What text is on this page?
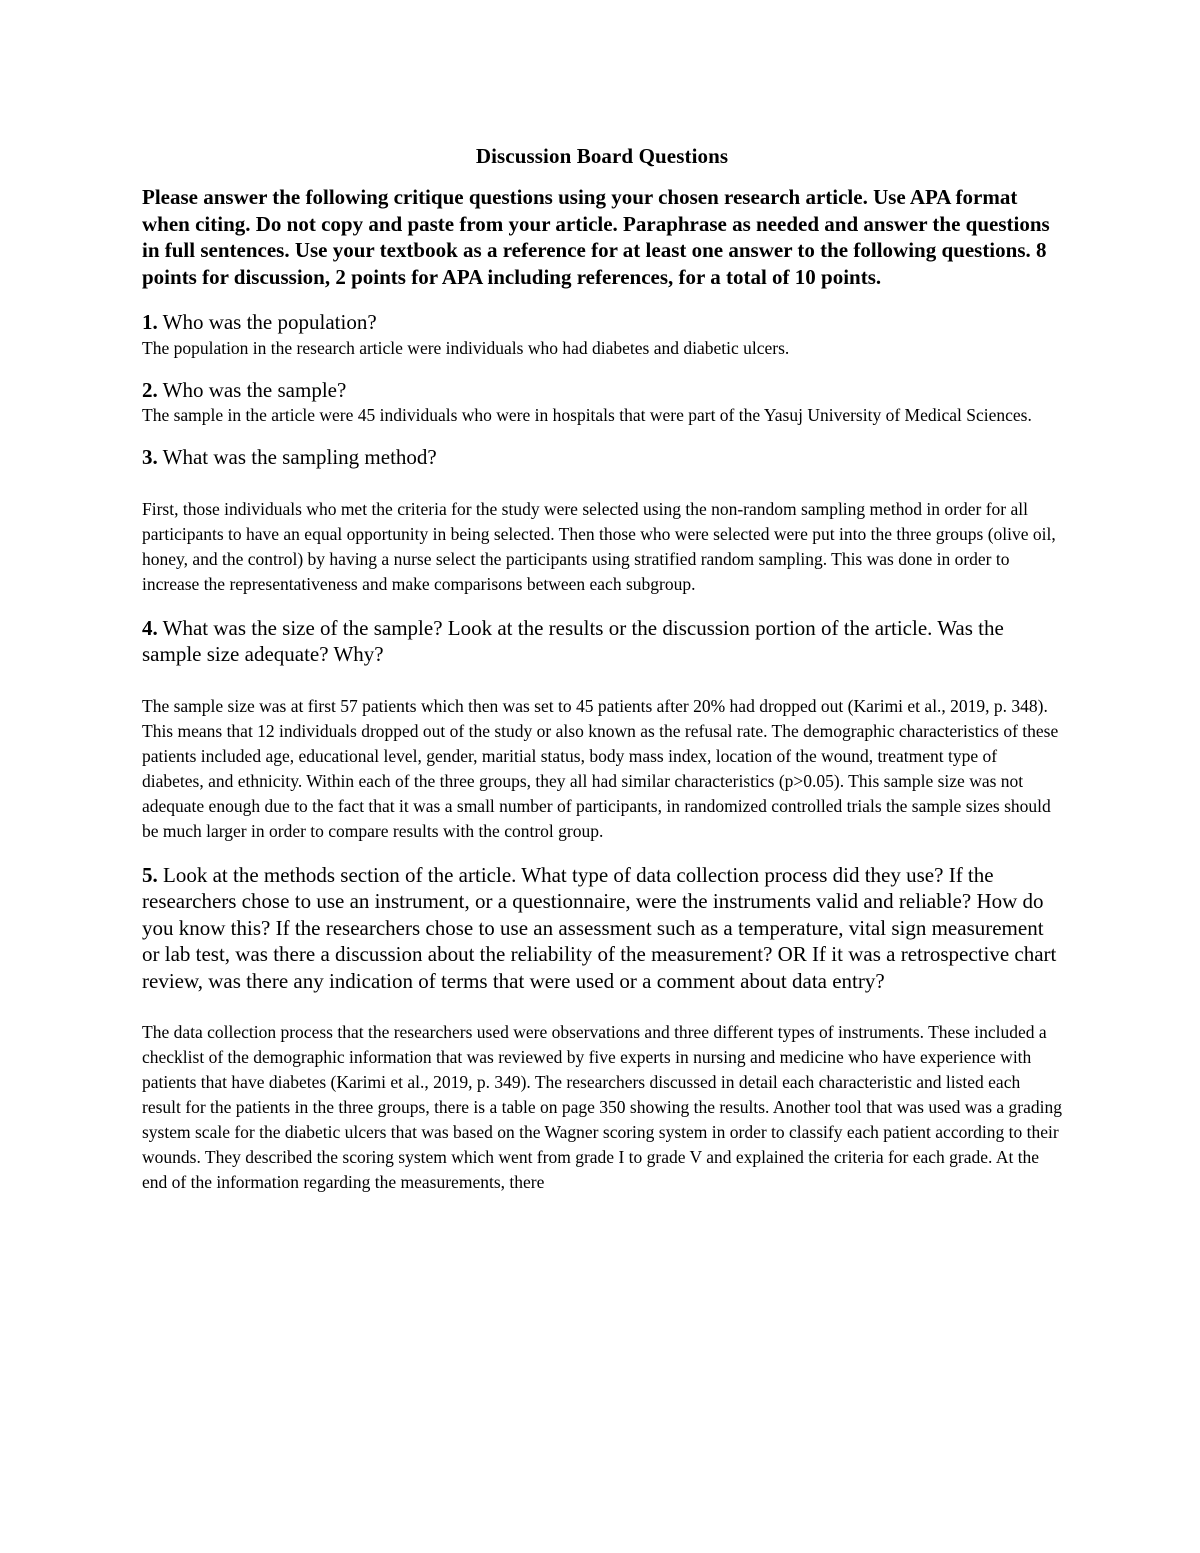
Discussion Board Questions

Please answer the following critique questions using your chosen research article. Use APA format when citing. Do not copy and paste from your article. Paraphrase as needed and answer the questions in full sentences. Use your textbook as a reference for at least one answer to the following questions. 8 points for discussion, 2 points for APA including references, for a total of 10 points.

1. Who was the population?

The population in the research article were individuals who had diabetes and diabetic ulcers.

2. Who was the sample?

The sample in the article were 45 individuals who were in hospitals that were part of the Yasuj University of Medical Sciences.

3. What was the sampling method?

First, those individuals who met the criteria for the study were selected using the non-random sampling method in order for all participants to have an equal opportunity in being selected. Then those who were selected were put into the three groups (olive oil, honey, and the control) by having a nurse select the participants using stratified random sampling. This was done in order to increase the representativeness and make comparisons between each subgroup.

4. What was the size of the sample? Look at the results or the discussion portion of the article. Was the sample size adequate? Why?

The sample size was at first 57 patients which then was set to 45 patients after 20% had dropped out (Karimi et al., 2019, p. 348). This means that 12 individuals dropped out of the study or also known as the refusal rate. The demographic characteristics of these patients included age, educational level, gender, maritial status, body mass index, location of the wound, treatment type of diabetes, and ethnicity. Within each of the three groups, they all had similar characteristics (p>0.05). This sample size was not adequate enough due to the fact that it was a small number of participants, in randomized controlled trials the sample sizes should be much larger in order to compare results with the control group.

5. Look at the methods section of the article. What type of data collection process did they use? If the researchers chose to use an instrument, or a questionnaire, were the instruments valid and reliable? How do you know this? If the researchers chose to use an assessment such as a temperature, vital sign measurement or lab test, was there a discussion about the reliability of the measurement? OR If it was a retrospective chart review, was there any indication of terms that were used or a comment about data entry?

The data collection process that the researchers used were observations and three different types of instruments. These included a checklist of the demographic information that was reviewed by five experts in nursing and medicine who have experience with patients that have diabetes (Karimi et al., 2019, p. 349). The researchers discussed in detail each characteristic and listed each result for the patients in the three groups, there is a table on page 350 showing the results. Another tool that was used was a grading system scale for the diabetic ulcers that was based on the Wagner scoring system in order to classify each patient according to their wounds. They described the scoring system which went from grade I to grade V and explained the criteria for each grade. At the end of the information regarding the measurements, there
